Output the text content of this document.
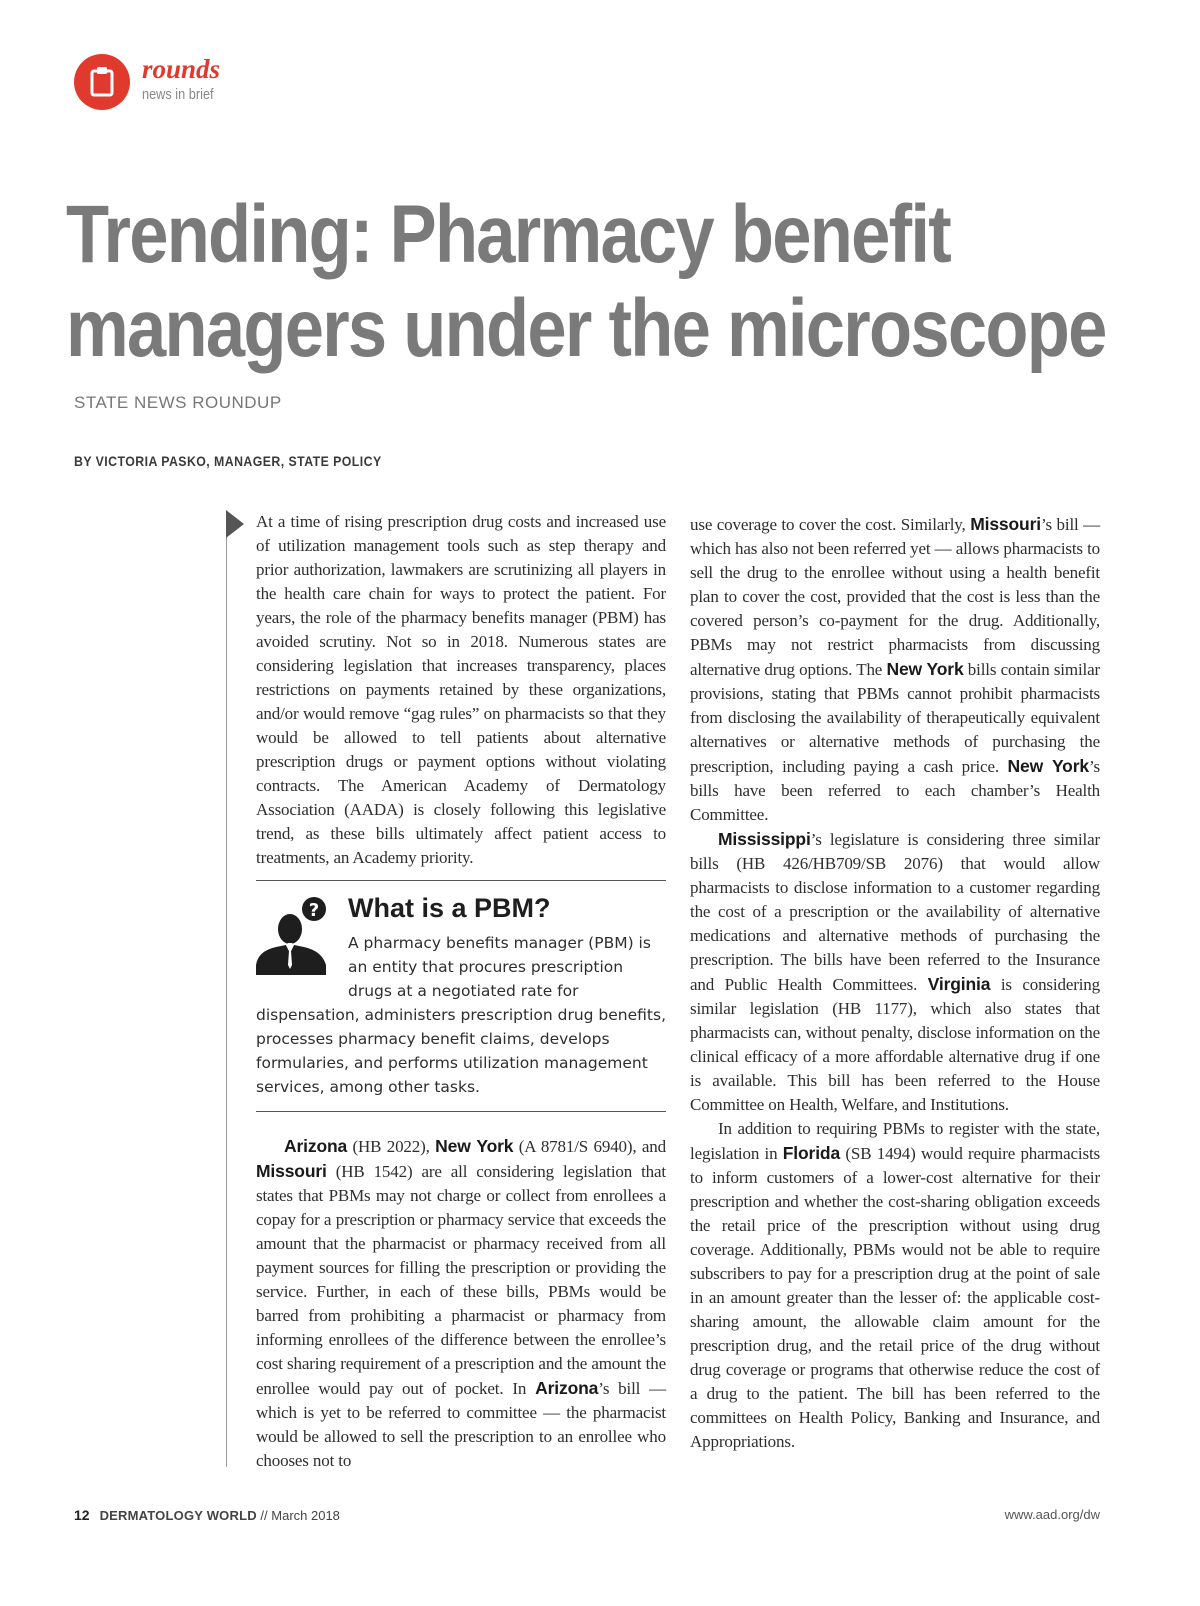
rounds
news in brief
Trending: Pharmacy benefit
managers under the microscope
STATE NEWS ROUNDUP
BY VICTORIA PASKO, MANAGER, STATE POLICY

At a time of rising prescription drug costs and increased use of utilization management tools such as step therapy and prior authorization, lawmakers are scrutinizing all players in the health care chain for ways to protect the patient. For years, the role of the pharmacy benefits manager (PBM) has avoided scrutiny. Not so in 2018. Numerous states are considering legislation that increases transparency, places restrictions on payments retained by these organizations, and/or would remove “gag rules” on pharmacists so that they would be allowed to tell patients about alternative prescription drugs or payment options without violating contracts. The American Academy of Dermatology Association (AADA) is closely following this legislative trend, as these bills ultimately affect patient access to treatments, an Academy priority.

? What is a PBM?

A pharmacy benefits manager (PBM) is an entity that procures prescription drugs at a negotiated rate for dispensation, administers prescription drug benefits, processes pharmacy benefit claims, develops formularies, and performs utilization management services, among other tasks.

Arizona (HB 2022), New York (A 8781/S 6940), and Missouri (HB 1542) are all considering legislation that states that PBMs may not charge or collect from enrollees a copay for a prescription or pharmacy service that exceeds the amount that the pharmacist or pharmacy received from all payment sources for filling the prescription or providing the service. Further, in each of these bills, PBMs would be barred from prohibiting a pharmacist or pharmacy from informing enrollees of the difference between the enrollee’s cost sharing requirement of a prescription and the amount the enrollee would pay out of pocket. In Arizona’s bill — which is yet to be referred to committee — the pharmacist would be allowed to sell the prescription to an enrollee who chooses not to

use coverage to cover the cost. Similarly, Missouri’s bill — which has also not been referred yet — allows pharmacists to sell the drug to the enrollee without using a health benefit plan to cover the cost, provided that the cost is less than the covered person’s co-payment for the drug. Additionally, PBMs may not restrict pharmacists from discussing alternative drug options. The New York bills contain similar provisions, stating that PBMs cannot prohibit pharmacists from disclosing the availability of therapeutically equivalent alternatives or alternative methods of purchasing the prescription, including paying a cash price. New York’s bills have been referred to each chamber’s Health Committee.

Mississippi’s legislature is considering three similar bills (HB 426/HB709/SB 2076) that would allow pharmacists to disclose information to a customer regarding the cost of a prescription or the availability of alternative medications and alternative methods of purchasing the prescription. The bills have been referred to the Insurance and Public Health Committees. Virginia is considering similar legislation (HB 1177), which also states that pharmacists can, without penalty, disclose information on the clinical efficacy of a more affordable alternative drug if one is available. This bill has been referred to the House Committee on Health, Welfare, and Institutions.

In addition to requiring PBMs to register with the state, legislation in Florida (SB 1494) would require pharmacists to inform customers of a lower-cost alternative for their prescription and whether the cost-sharing obligation exceeds the retail price of the prescription without using drug coverage. Additionally, PBMs would not be able to require subscribers to pay for a prescription drug at the point of sale in an amount greater than the lesser of: the applicable cost-sharing amount, the allowable claim amount for the prescription drug, and the retail price of the drug without drug coverage or programs that otherwise reduce the cost of a drug to the patient. The bill has been referred to the committees on Health Policy, Banking and Insurance, and Appropriations.

12 DERMATOLOGY WORLD // March 2018	www.aad.org/dw
